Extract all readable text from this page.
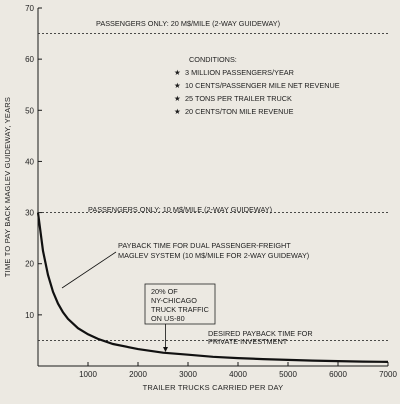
10
20
30
40
50
60
70
1000	2000	3000	4000	5000	6000	7000
TRAILER TRUCKS CARRIED PER DAY
TIME TO PAY BACK MAGLEV GUIDEWAY, YEARS
PASSENGERS ONLY: 20 M$/MILE (2-WAY GUIDEWAY)
PASSENGERS ONLY: 10 M$/MILE (2-WAY GUIDEWAY)
DESIRED PAYBACK TIME FOR
PRIVATE INVESTMENT
CONDITIONS:
★ 3 MILLION PASSENGERS/YEAR
★ 10 CENTS/PASSENGER MILE NET REVENUE
★ 25 TONS PER TRAILER TRUCK
★ 20 CENTS/TON MILE REVENUE
PAYBACK TIME FOR DUAL PASSENGER-FREIGHT
MAGLEV SYSTEM (10 M$/MILE FOR 2-WAY GUIDEWAY)
20% OF
NY-CHICAGO
TRUCK TRAFFIC
ON US-80
